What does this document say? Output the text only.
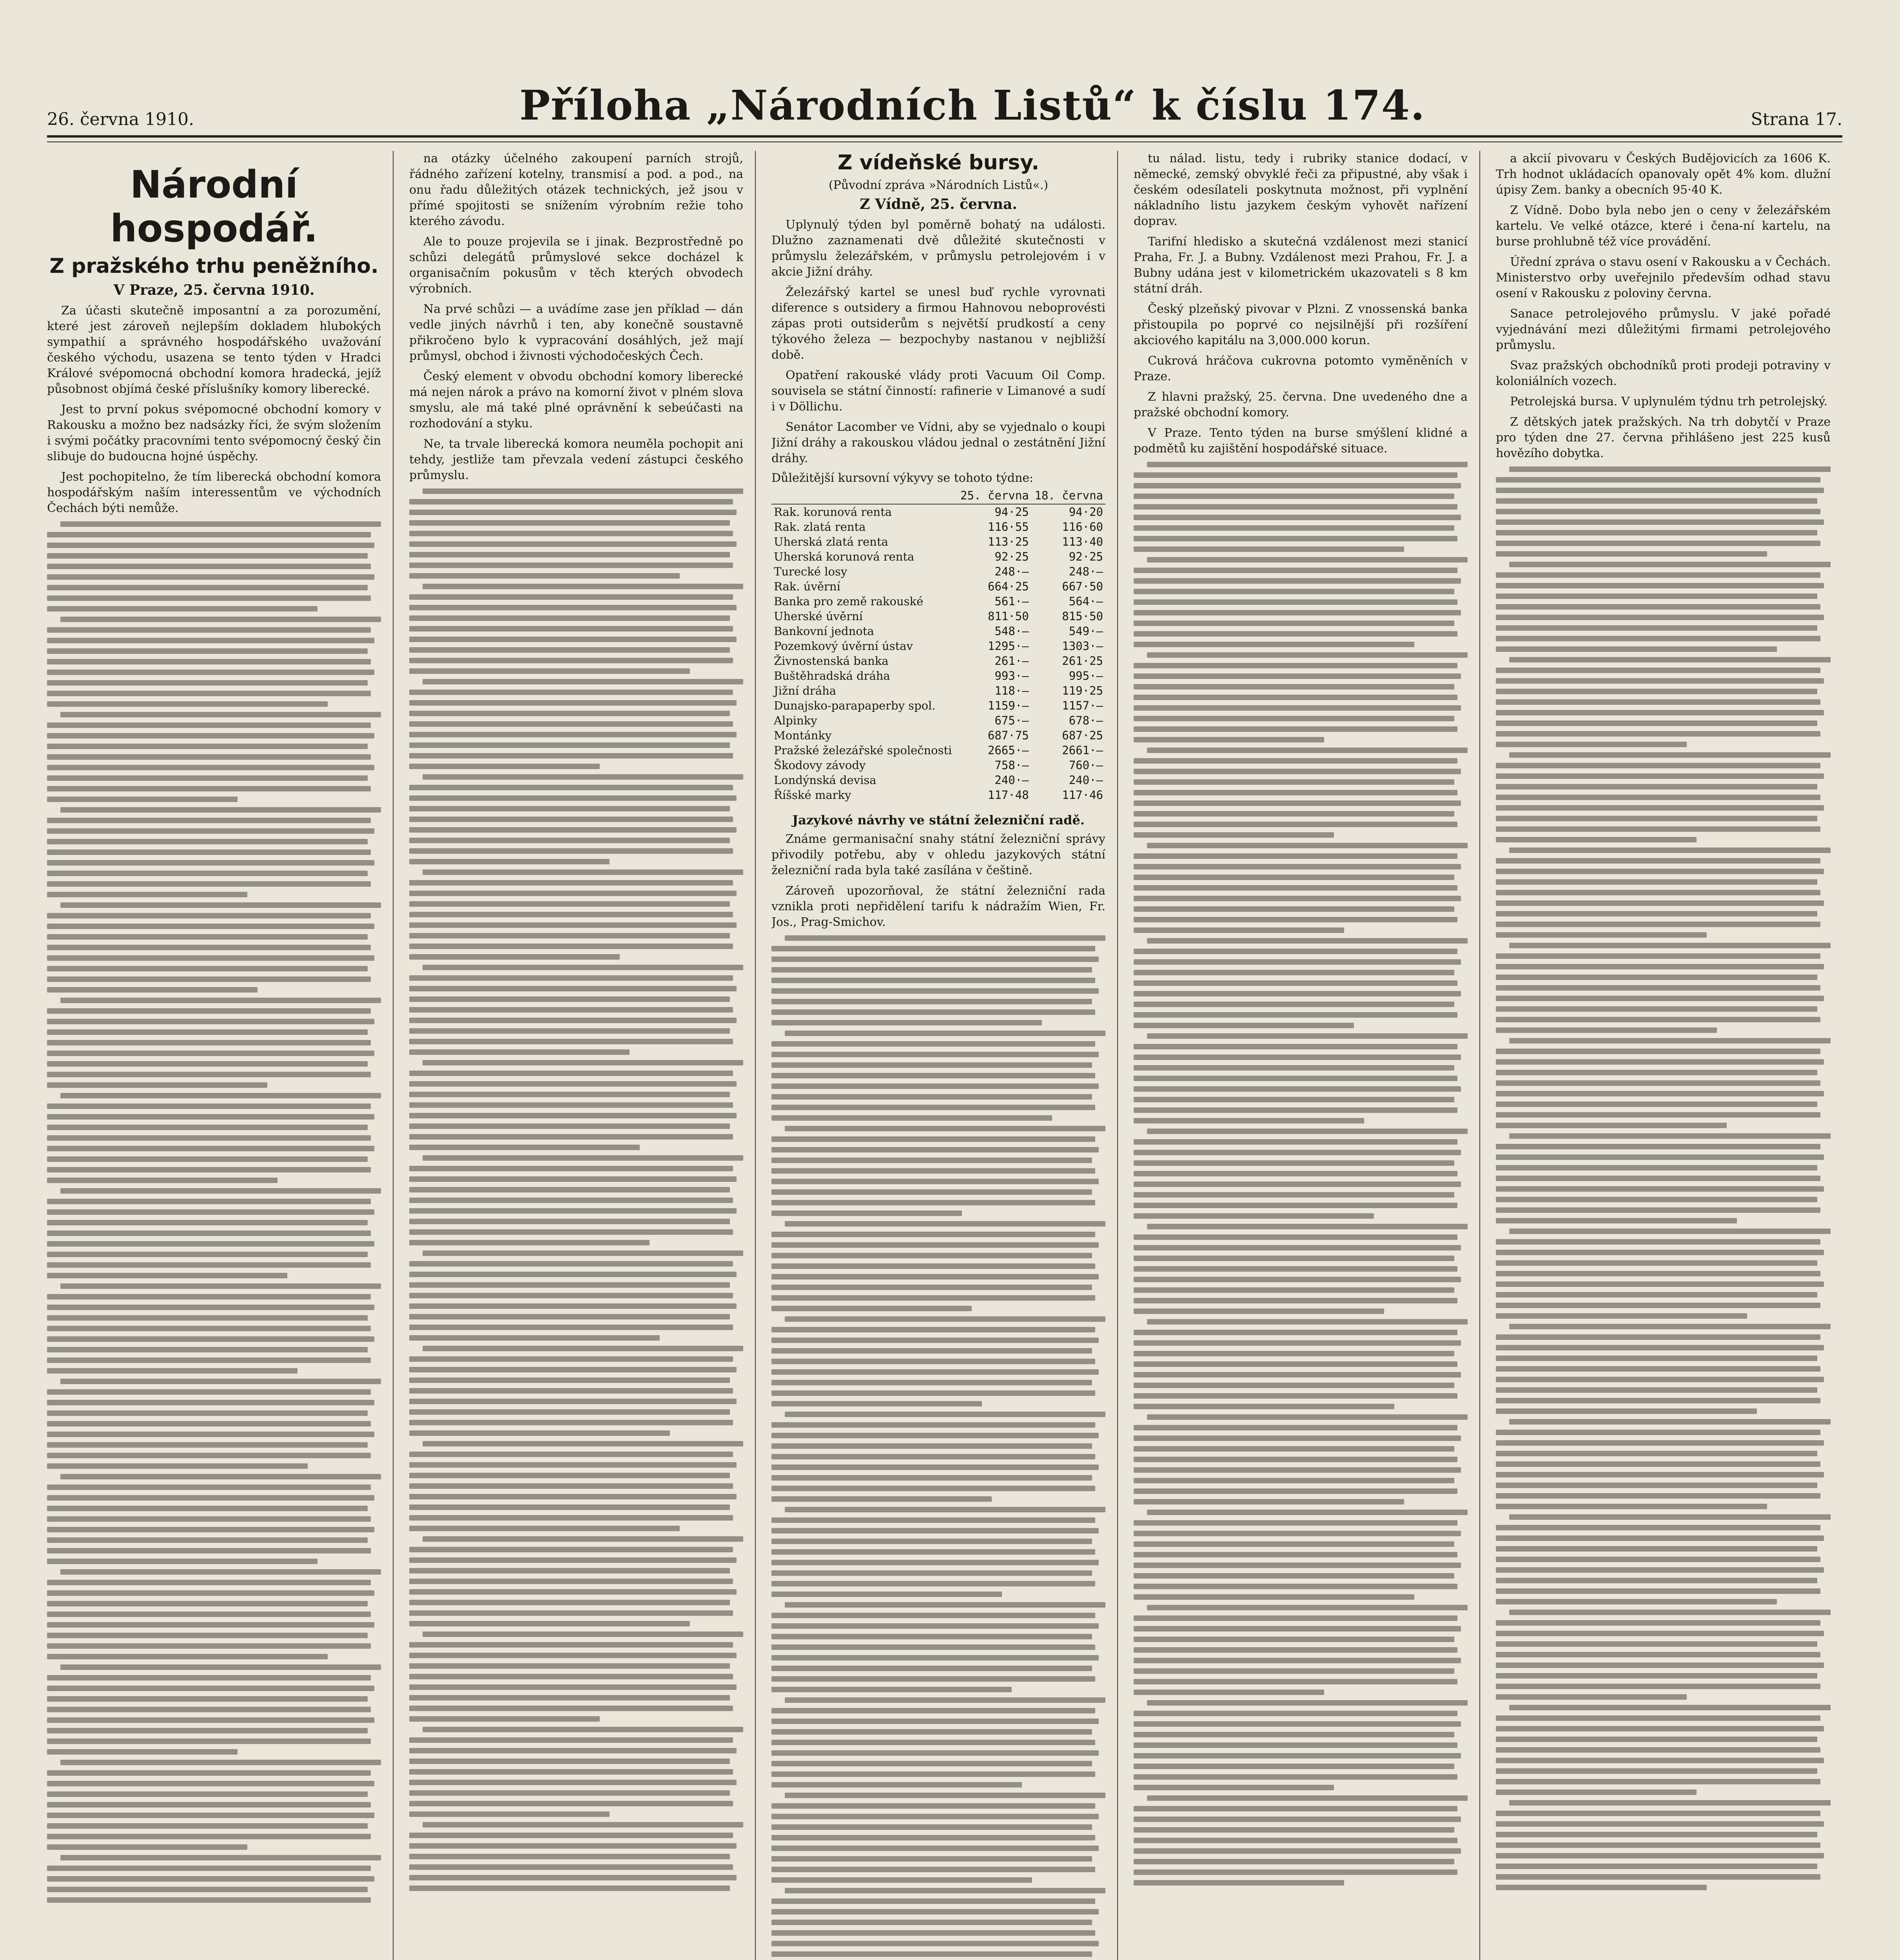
26. června 1910.	Příloha „Národních Listů“ k číslu 174.	Strana 17.
Národní hospodář.
Z pražského trhu peněžního.
V Praze, 25. června 1910.

Za účasti skutečně imposantní a za porozumění, které jest zároveň nejlepším dokladem hlubokých sympathií a správného hospodářského uvažování českého východu, usazena se tento týden v Hradci Králové svépomocná obchodní komora hradecká, jejíž působnost objímá české příslušníky komory liberecké.

Jest to první pokus svépomocné obchodní komory v Rakousku a možno bez nadsázky říci, že svým složením i svými počátky pracovními tento svépomocný český čin slibuje do budoucna hojné úspěchy.

Jest pochopitelno, že tím liberecká obchodní komora hospodářským naším interessentům ve východních Čechách býti nemůže.

na otázky účelného zakoupení parních strojů, řádného zařízení kotelny, transmisí a pod. a pod., na onu řadu důležitých otázek technických, jež jsou v přímé spojitosti se snížením výrobním režie toho kterého závodu.

Ale to pouze projevila se i jinak. Bezprostředně po schůzi delegátů průmyslové sekce docházel k organisačním pokusům v těch kterých obvodech výrobních.

Na prvé schůzi — a uvádíme zase jen příklad — dán vedle jiných návrhů i ten, aby konečně soustavně přikročeno bylo k vypracování dosáhlých, jež mají průmysl, obchod i živnosti východočeských Čech.

Český element v obvodu obchodní komory liberecké má nejen nárok a právo na komorní život v plném slova smyslu, ale má také plné oprávnění k sebeúčasti na rozhodování a styku.

Ne, ta trvale liberecká komora neuměla pochopit ani tehdy, jestliže tam převzala vedení zástupci českého průmyslu.

Z vídeňské bursy.
(Původní zpráva »Národních Listů«.)
Z Vídně, 25. června.

Uplynulý týden byl poměrně bohatý na události. Dlužno zaznamenati dvě důležité skutečnosti v průmyslu železářském, v průmyslu petrolejovém i v akcie Jižní dráhy.

Železářský kartel se unesl buď rychle vyrovnati diference s outsidery a firmou Hahnovou neboprovésti zápas proti outsiderům s největší prudkostí a ceny týkového železa — bezpochyby nastanou v nejbližší době.

Opatření rakouské vlády proti Vacuum Oil Comp. souvisela se státní činností: rafinerie v Limanové a sudí i v Döllichu.

Senátor Lacomber ve Vídni, aby se vyjednalo o koupi Jižní dráhy a rakouskou vládou jednal o zestátnění Jižní dráhy.

Důležitější kursovní výkyvy se tohoto týdne:
	25. června	18. června
Rak. korunová renta	94·25	94·20
Rak. zlatá renta	116·55	116·60
Uherská zlatá renta	113·25	113·40
Uherská korunová renta	92·25	92·25
Turecké losy	248·—	248·—
Rak. úvěrní	664·25	667·50
Banka pro země rakouské	561·—	564·—
Uherské úvěrní	811·50	815·50
Bankovní jednota	548·—	549·—
Pozemkový úvěrní ústav	1295·—	1303·—
Živnostenská banka	261·—	261·25
Buštěhradská dráha	993·—	995·—
Jižní dráha	118·—	119·25
Dunajsko-parapaperby spol.	1159·—	1157·—
Alpinky	675·—	678·—
Montánky	687·75	687·25
Pražské železářské společnosti	2665·—	2661·—
Škodovy závody	758·—	760·—
Londýnská devisa	240·—	240·—
Říšské marky	117·48	117·46
Jazykové návrhy ve státní železniční radě.

Známe germanisační snahy státní železniční správy přivodily potřebu, aby v ohledu jazykových státní železniční rada byla také zasílána v češtině.

Zároveň upozorňoval, že státní železniční rada vznikla proti nepřidělení tarifu k nádražím Wien, Fr. Jos., Prag-Smichov.

tu nálad. listu, tedy i rubriky stanice dodací, v německé, zemský obvyklé řeči za připustné, aby však i českém odesílateli poskytnuta možnost, při vyplnění nákladního listu jazykem českým vyhovět nařízení doprav.

Tarifní hledisko a skutečná vzdálenost mezi stanicí Praha, Fr. J. a Bubny. Vzdálenost mezi Prahou, Fr. J. a Bubny udána jest v kilometrickém ukazovateli s 8 km státní dráh.

Český plzeňský pivovar v Plzni. Z vnossenská banka přistoupila po poprvé co nejsilnější při rozšíření akciového kapitálu na 3,000.000 korun.

Cukrová hráčova cukrovna potomto vyměněních v Praze.

Z hlavni pražský, 25. června. Dne uvedeného dne a pražské obchodní komory.

V Praze. Tento týden na burse smýšlení klidné a podmětů ku zajištění hospodářské situace.

a akcií pivovaru v Českých Budějovicích za 1606 K. Trh hodnot ukládacích opanovaly opět 4% kom. dlužní úpisy Zem. banky a obecních 95·40 K.

Z Vídně. Dobo byla nebo jen o ceny v železářském kartelu. Ve velké otázce, které i čena-ní kartelu, na burse prohlubně též více provádění.

Úřední zpráva o stavu osení v Rakousku a v Čechách. Ministerstvo orby uveřejnilo především odhad stavu osení v Rakousku z poloviny června.

Sanace petrolejového průmyslu. V jaké pořadé vyjednávání mezi důležitými firmami petrolejového průmyslu.

Svaz pražských obchodníků proti prodeji potraviny v koloniálních vozech.

Petrolejská bursa. V uplynulém týdnu trh petrolejský.

Z dětských jatek pražských. Na trh dobytčí v Praze pro týden dne 27. června přihlášeno jest 225 kusů hovězího dobytka.
